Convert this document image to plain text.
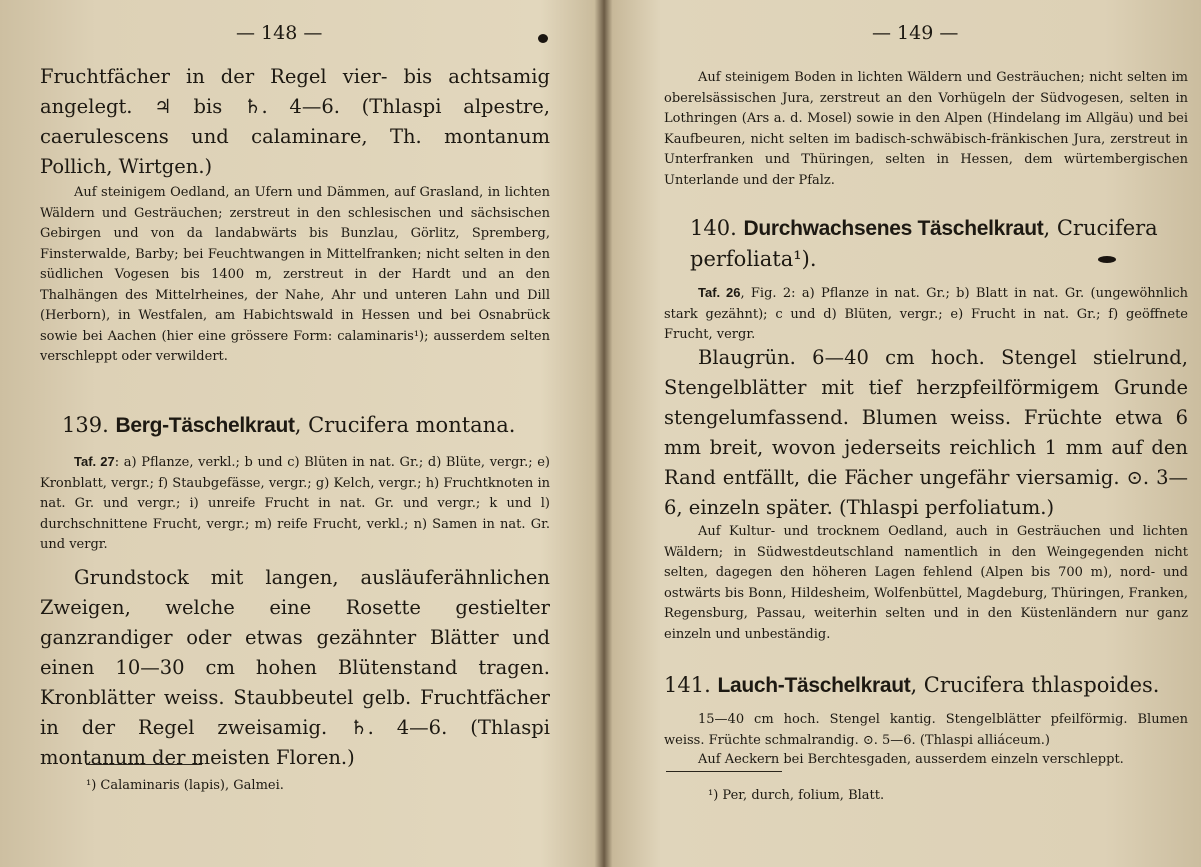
— 148 —

Fruchtfächer in der Regel vier- bis achtsamig angelegt. ♃ bis ♄. 4—6. (Thlaspi alpestre, caerulescens und calaminare, Th. montanum Pollich, Wirtgen.)

Auf steinigem Oedland, an Ufern und Dämmen, auf Grasland, in lichten Wäldern und Gesträuchen; zerstreut in den schlesischen und sächsischen Gebirgen und von da landabwärts bis Bunzlau, Görlitz, Spremberg, Finsterwalde, Barby; bei Feuchtwangen in Mittelfranken; nicht selten in den südlichen Vogesen bis 1400 m, zerstreut in der Hardt und an den Thalhängen des Mittelrheines, der Nahe, Ahr und unteren Lahn und Dill (Herborn), in Westfalen, am Habichtswald in Hessen und bei Osnabrück sowie bei Aachen (hier eine grössere Form: calaminaris¹); ausserdem selten verschleppt oder verwildert.

139. Berg-Täschelkraut, Crucifera montana.

Taf. 27: a) Pflanze, verkl.; b und c) Blüten in nat. Gr.; d) Blüte, vergr.; e) Kronblatt, vergr.; f) Staubgefässe, vergr.; g) Kelch, vergr.; h) Fruchtknoten in nat. Gr. und vergr.; i) unreife Frucht in nat. Gr. und vergr.; k und l) durchschnittene Frucht, vergr.; m) reife Frucht, verkl.; n) Samen in nat. Gr. und vergr.

Grundstock mit langen, ausläuferähnlichen Zweigen, welche eine Rosette gestielter ganzrandiger oder etwas gezähnter Blätter und einen 10—30 cm hohen Blütenstand tragen. Kronblätter weiss. Staubbeutel gelb. Fruchtfächer in der Regel zweisamig. ♄. 4—6. (Thlaspi montanum der meisten Floren.)

¹) Calaminaris (lapis), Galmei.

— 149 —

Auf steinigem Boden in lichten Wäldern und Gesträuchen; nicht selten im oberelsässischen Jura, zerstreut an den Vorhügeln der Südvogesen, selten in Lothringen (Ars a. d. Mosel) sowie in den Alpen (Hindelang im Allgäu) und bei Kaufbeuren, nicht selten im badisch-schwäbisch-fränkischen Jura, zerstreut in Unterfranken und Thüringen, selten in Hessen, dem würtembergischen Unterlande und der Pfalz.

140. Durchwachsenes Täschelkraut, Crucifera perfoliata¹).

Taf. 26, Fig. 2: a) Pflanze in nat. Gr.; b) Blatt in nat. Gr. (ungewöhnlich stark gezähnt); c und d) Blüten, vergr.; e) Frucht in nat. Gr.; f) geöffnete Frucht, vergr.

Blaugrün. 6—40 cm hoch. Stengel stielrund, Stengelblätter mit tief herzpfeilförmigem Grunde stengelumfassend. Blumen weiss. Früchte etwa 6 mm breit, wovon jederseits reichlich 1 mm auf den Rand entfällt, die Fächer ungefähr viersamig. ⊙. 3—6, einzeln später. (Thlaspi perfoliatum.)

Auf Kultur- und trocknem Oedland, auch in Gesträuchen und lichten Wäldern; in Südwestdeutschland namentlich in den Weingegenden nicht selten, dagegen den höheren Lagen fehlend (Alpen bis 700 m), nord- und ostwärts bis Bonn, Hildesheim, Wolfenbüttel, Magdeburg, Thüringen, Franken, Regensburg, Passau, weiterhin selten und in den Küstenländern nur ganz einzeln und unbeständig.

141. Lauch-Täschelkraut, Crucifera thlaspoides.

15—40 cm hoch. Stengel kantig. Stengelblätter pfeilförmig. Blumen weiss. Früchte schmalrandig. ⊙. 5—6. (Thlaspi alliáceum.)

Auf Aeckern bei Berchtesgaden, ausserdem einzeln verschleppt.

¹) Per, durch, folium, Blatt.
